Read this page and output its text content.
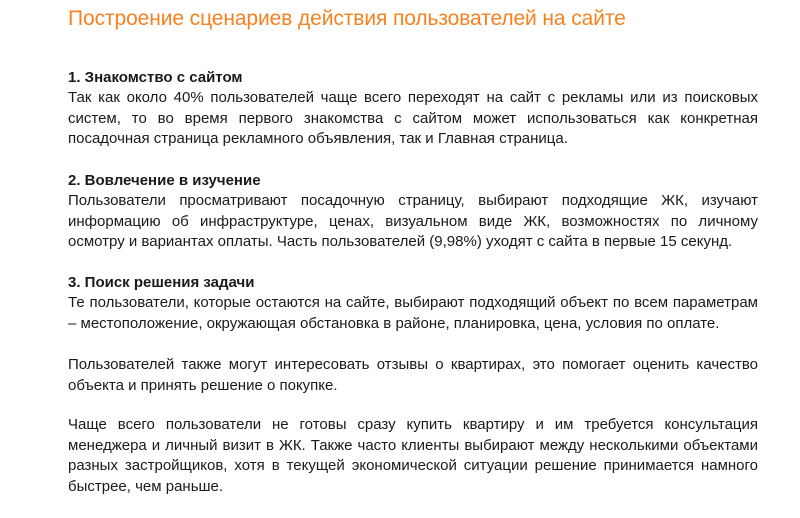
Построение сценариев действия пользователей на сайте
1. Знакомство с сайтом

Так как около 40% пользователей чаще всего переходят на сайт с рекламы или из поисковых
систем, то во время первого знакомства с сайтом может использоваться как конкретная
посадочная страница рекламного объявления, так и Главная страница.

2. Вовлечение в изучение

Пользователи просматривают посадочную страницу, выбирают подходящие ЖК, изучают
информацию об инфраструктуре, ценах, визуальном виде ЖК, возможностях по личному
осмотру и вариантах оплаты. Часть пользователей (9,98%) уходят с сайта в первые 15 секунд.

3. Поиск решения задачи

Те пользователи, которые остаются на сайте, выбирают подходящий объект по всем параметрам
– местоположение, окружающая обстановка в районе, планировка, цена, условия по оплате.

Пользователей также могут интересовать отзывы о квартирах, это помогает оценить качество
объекта и принять решение о покупке.

Чаще всего пользователи не готовы сразу купить квартиру и им требуется консультация
менеджера и личный визит в ЖК. Также часто клиенты выбирают между несколькими объектами
разных застройщиков, хотя в текущей экономической ситуации решение принимается намного
быстрее, чем раньше.
